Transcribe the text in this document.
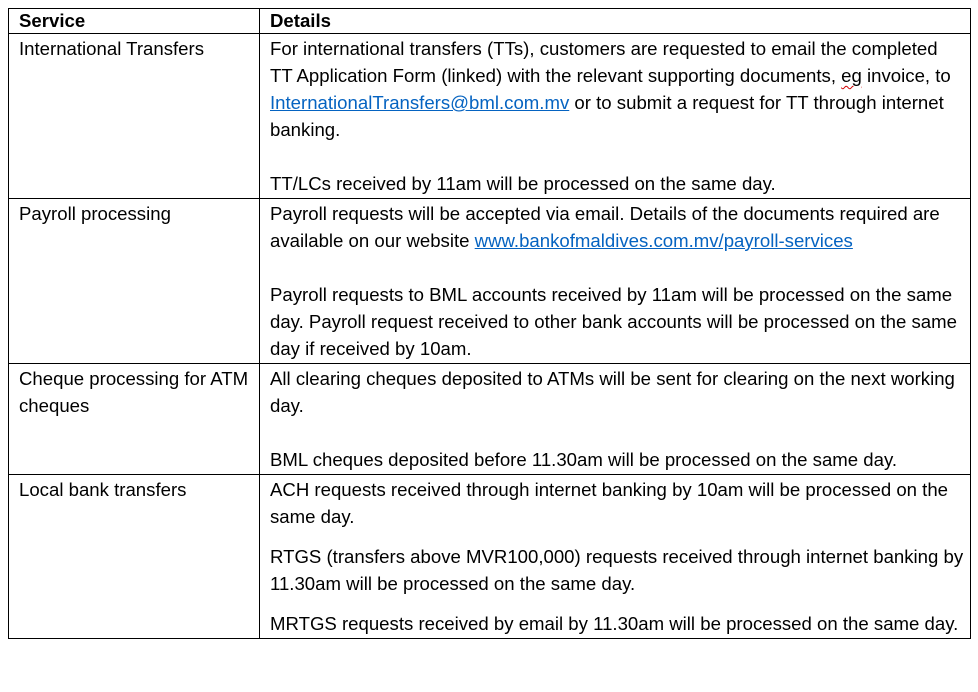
Service	Details
International Transfers	For international transfers (TTs), customers are requested to email the completed TT Application Form (linked) with the relevant supporting documents, eg invoice, to InternationalTransfers@bml.com.mv or to submit a request for TT through internet banking.

TT/LCs received by 11am will be processed on the same day.

Payroll processing	Payroll requests will be accepted via email. Details of the documents required are available on our website www.bankofmaldives.com.mv/payroll-services

Payroll requests to BML accounts received by 11am will be processed on the same day. Payroll request received to other bank accounts will be processed on the same day if received by 10am.

Cheque processing for ATM cheques	All clearing cheques deposited to ATMs will be sent for clearing on the next working day.

BML cheques deposited before 11.30am will be processed on the same day.

Local bank transfers	ACH requests received through internet banking by 10am will be processed on the same day.

RTGS (transfers above MVR100,000) requests received through internet banking by 11.30am will be processed on the same day.

MRTGS requests received by email by 11.30am will be processed on the same day.
